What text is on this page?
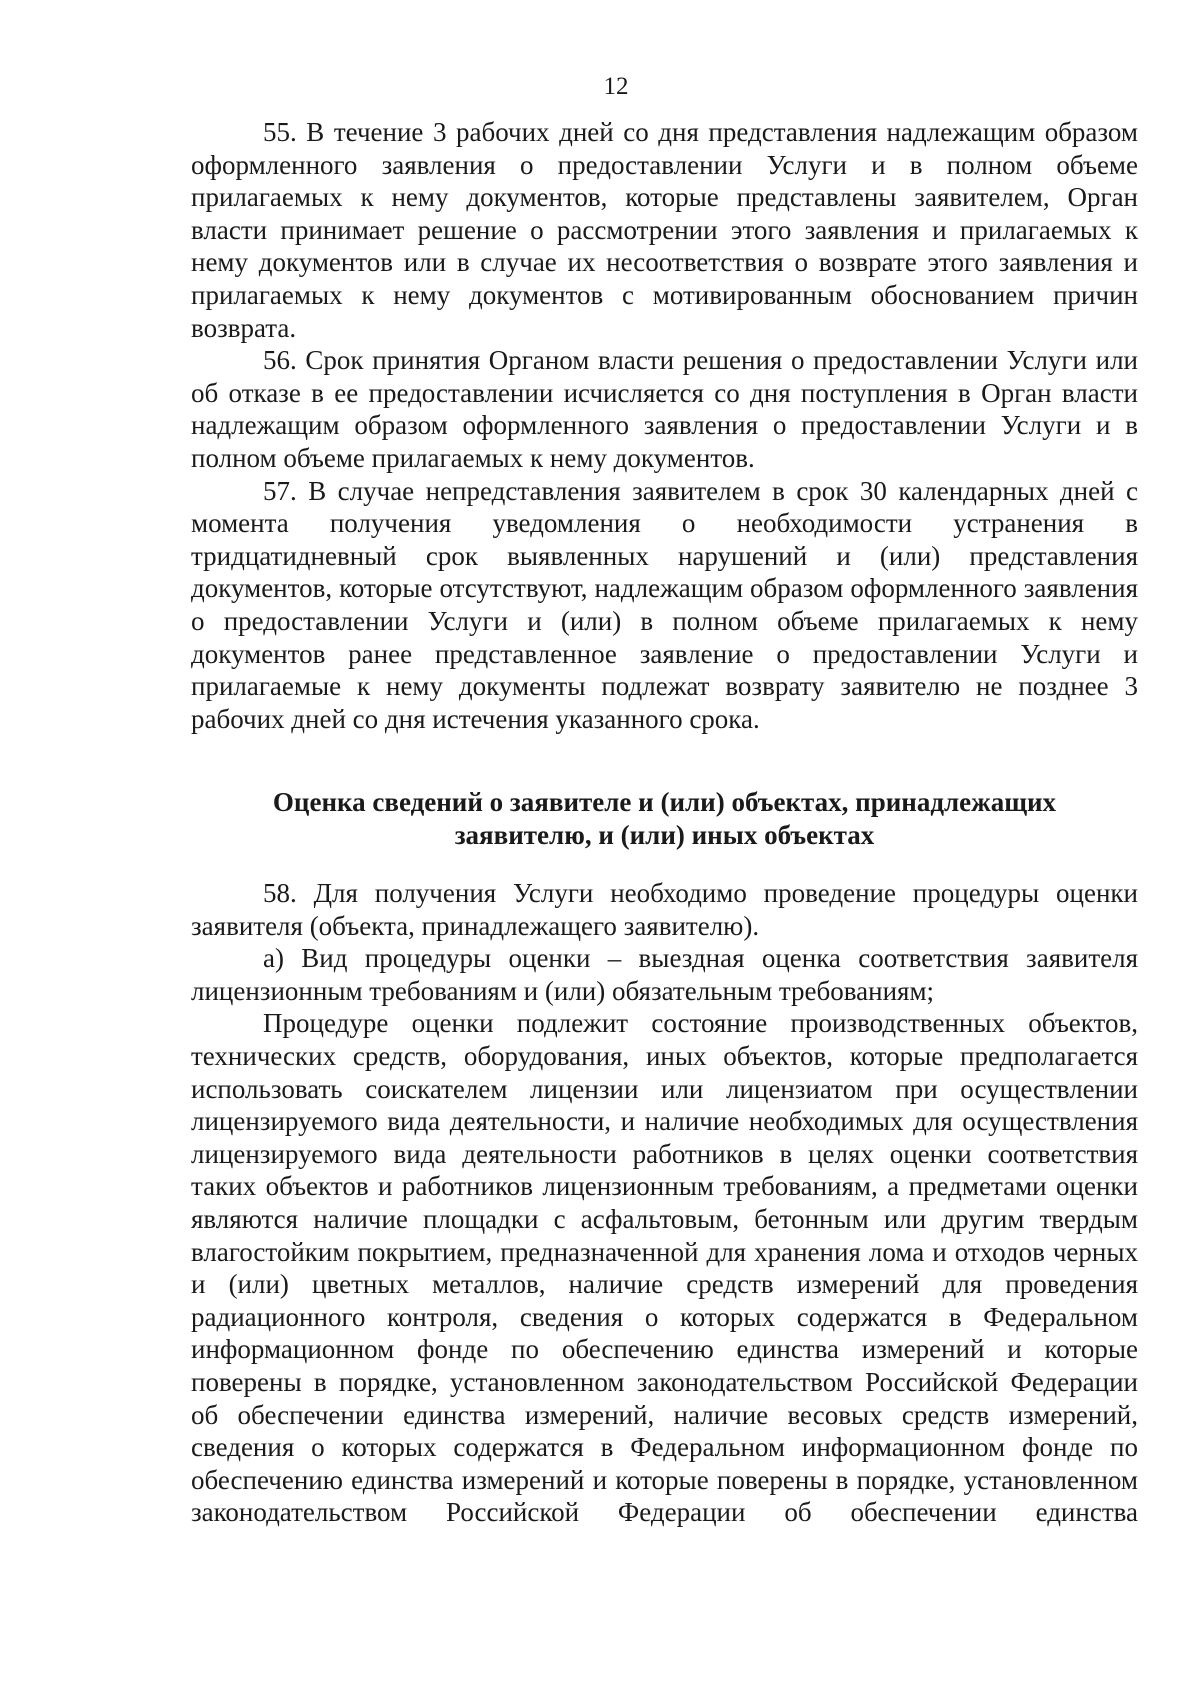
12

55. В течение 3 рабочих дней со дня представления надлежащим образом оформленного заявления о предоставлении Услуги и в полном объеме прилагаемых к нему документов, которые представлены заявителем, Орган власти принимает решение о рассмотрении этого заявления и прилагаемых к нему документов или в случае их несоответствия о возврате этого заявления и прилагаемых к нему документов с мотивированным обоснованием причин возврата.

56. Срок принятия Органом власти решения о предоставлении Услуги или об отказе в ее предоставлении исчисляется со дня поступления в Орган власти надлежащим образом оформленного заявления о предоставлении Услуги и в полном объеме прилагаемых к нему документов.

57. В случае непредставления заявителем в срок 30 календарных дней с момента получения уведомления о необходимости устранения в тридцатидневный срок выявленных нарушений и (или) представления документов, которые отсутствуют, надлежащим образом оформленного заявления о предоставлении Услуги и (или) в полном объеме прилагаемых к нему документов ранее представленное заявление о предоставлении Услуги и прилагаемые к нему документы подлежат возврату заявителю не позднее 3 рабочих дней со дня истечения указанного срока.

Оценка сведений о заявителе и (или) объектах, принадлежащих
заявителю, и (или) иных объектах

58. Для получения Услуги необходимо проведение процедуры оценки заявителя (объекта, принадлежащего заявителю).

а) Вид процедуры оценки – выездная оценка соответствия заявителя лицензионным требованиям и (или) обязательным требованиям;

Процедуре оценки подлежит состояние производственных объектов, технических средств, оборудования, иных объектов, которые предполагается использовать соискателем лицензии или лицензиатом при осуществлении лицензируемого вида деятельности, и наличие необходимых для осуществления лицензируемого вида деятельности работников в целях оценки соответствия таких объектов и работников лицензионным требованиям, а предметами оценки являются наличие площадки с асфальтовым, бетонным или другим твердым влагостойким покрытием, предназначенной для хранения лома и отходов черных и (или) цветных металлов, наличие средств измерений для проведения радиационного контроля, сведения о которых содержатся в Федеральном информационном фонде по обеспечению единства измерений и которые поверены в порядке, установленном законодательством Российской Федерации об обеспечении единства измерений, наличие весовых средств измерений, сведения о которых содержатся в Федеральном информационном фонде по обеспечению единства измерений и которые поверены в порядке, установленном законодательством Российской Федерации об обеспечении единства
